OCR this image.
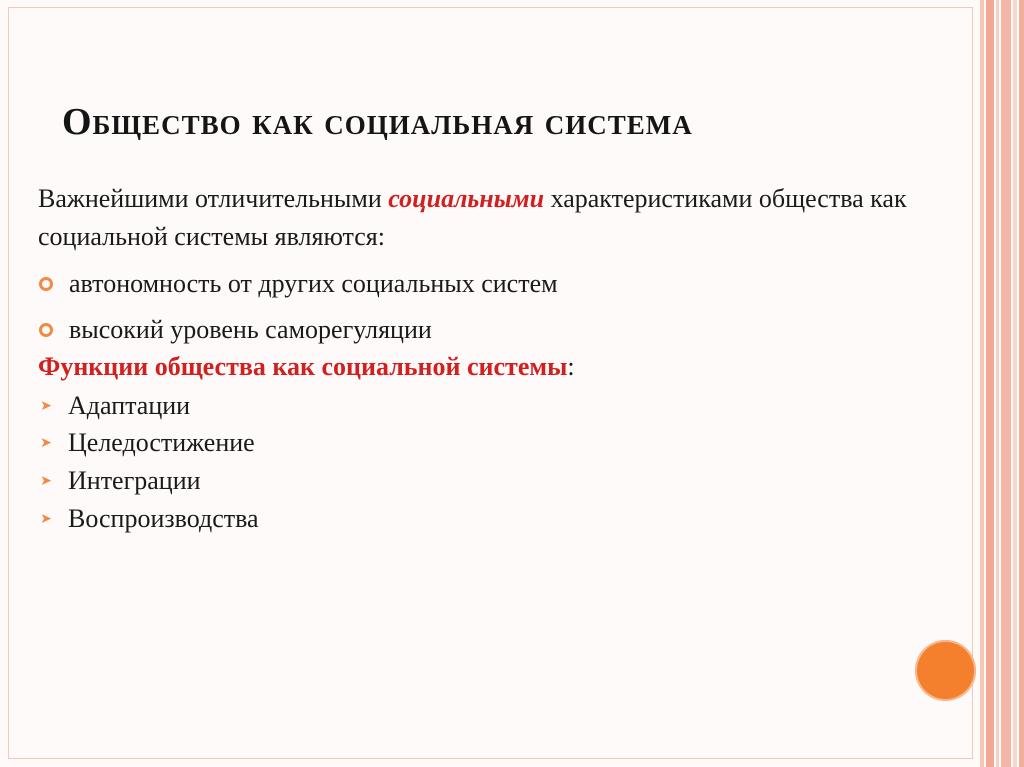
Общество как социальная система

Важнейшими отличительными социальными характеристиками общества как социальной системы являются:

автономность от других социальных систем
высокий уровень саморегуляции

Функции общества как социальной системы:

➤ Адаптации
➤ Целедостижение
➤ Интеграции
➤ Воспроизводства
